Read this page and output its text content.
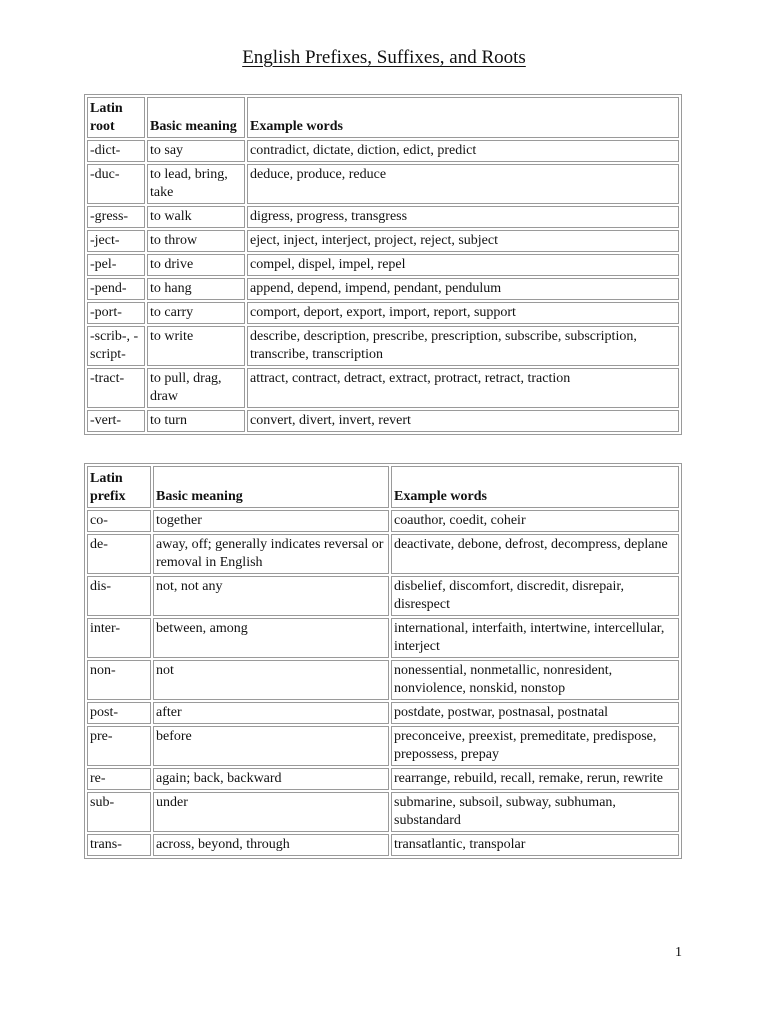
English Prefixes, Suffixes, and Roots
Latin root	Basic meaning	Example words
-dict-	to say	contradict, dictate, diction, edict, predict
-duc-	to lead, bring, take	deduce, produce, reduce
-gress-	to walk	digress, progress, transgress
-ject-	to throw	eject, inject, interject, project, reject, subject
-pel-	to drive	compel, dispel, impel, repel
-pend-	to hang	append, depend, impend, pendant, pendulum
-port-	to carry	comport, deport, export, import, report, support
-scrib-, -script-	to write	describe, description, prescribe, prescription, subscribe, subscription, transcribe, transcription
-tract-	to pull, drag, draw	attract, contract, detract, extract, protract, retract, traction
-vert-	to turn	convert, divert, invert, revert
Latin prefix	Basic meaning	Example words
co-	together	coauthor, coedit, coheir
de-	away, off; generally indicates reversal or removal in English	deactivate, debone, defrost, decompress, deplane
dis-	not, not any	disbelief, discomfort, discredit, disrepair, disrespect
inter-	between, among	international, interfaith, intertwine, intercellular, interject
non-	not	nonessential, nonmetallic, nonresident, nonviolence, nonskid, nonstop
post-	after	postdate, postwar, postnasal, postnatal
pre-	before	preconceive, preexist, premeditate, predispose, prepossess, prepay
re-	again; back, backward	rearrange, rebuild, recall, remake, rerun, rewrite
sub-	under	submarine, subsoil, subway, subhuman, substandard
trans-	across, beyond, through	transatlantic, transpolar
1
